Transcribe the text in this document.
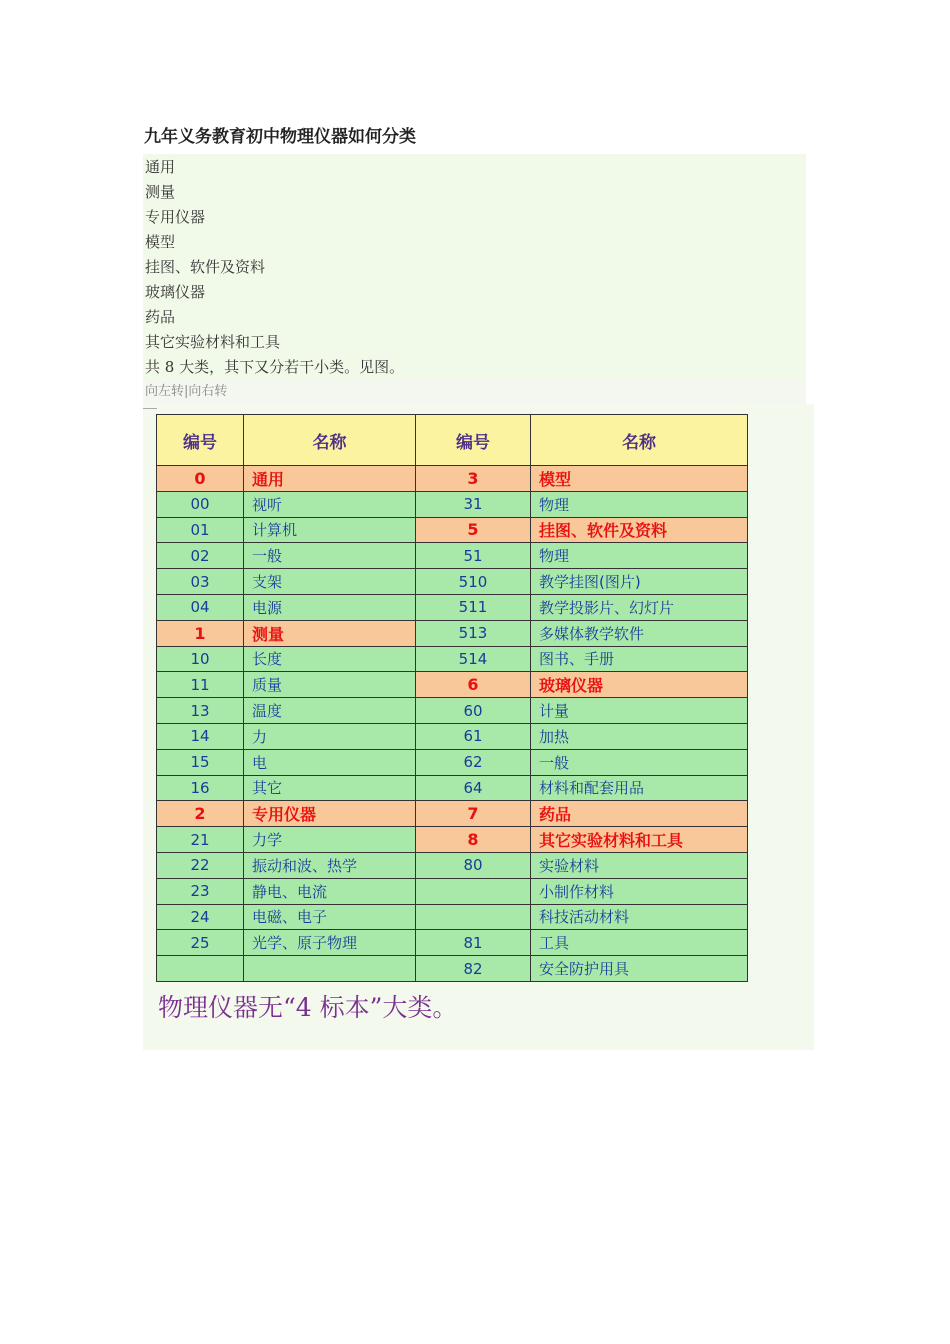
九年义务教育初中物理仪器如何分类
通用
测量
专用仪器
模型
挂图、软件及资料
玻璃仪器
药品
其它实验材料和工具
共 8 大类，其下又分若干小类。见图。
向左转|向右转
编号	名称	编号	名称
0	通用	3	模型
00	视听	31	物理
01	计算机	5	挂图、软件及资料
02	一般	51	物理
03	支架	510	教学挂图(图片)
04	电源	511	教学投影片、幻灯片
1	测量	513	多媒体教学软件
10	长度	514	图书、手册
11	质量	6	玻璃仪器
13	温度	60	计量
14	力	61	加热
15	电	62	一般
16	其它	64	材料和配套用品
2	专用仪器	7	药品
21	力学	8	其它实验材料和工具
22	振动和波、热学	80	实验材料
23	静电、电流		小制作材料
24	电磁、电子		科技活动材料
25	光学、原子物理	81	工具
		82	安全防护用具
物理仪器无“4 标本”大类。
